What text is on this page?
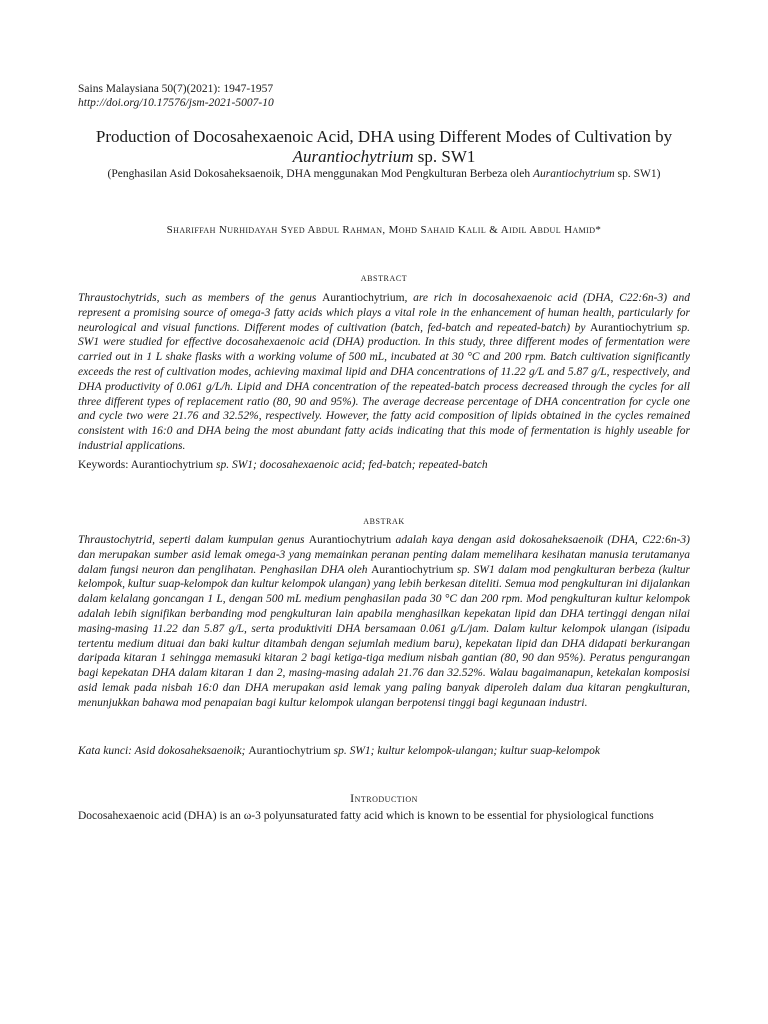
Sains Malaysiana 50(7)(2021): 1947-1957
http://doi.org/10.17576/jsm-2021-5007-10
Production of Docosahexaenoic Acid, DHA using Different Modes of Cultivation by
Aurantiochytrium sp. SW1
(Penghasilan Asid Dokosaheksaenoik, DHA menggunakan Mod Pengkulturan Berbeza oleh Aurantiochytrium sp. SW1)
Shariffah Nurhidayah Syed Abdul Rahman, Mohd Sahaid Kalil & Aidil Abdul Hamid*
abstract
Thraustochytrids, such as members of the genus Aurantiochytrium, are rich in docosahexaenoic acid (DHA, C22:6n-3) and represent a promising source of omega-3 fatty acids which plays a vital role in the enhancement of human health, particularly for neurological and visual functions. Different modes of cultivation (batch, fed-batch and repeated-batch) by Aurantiochytrium sp. SW1 were studied for effective docosahexaenoic acid (DHA) production. In this study, three different modes of fermentation were carried out in 1 L shake flasks with a working volume of 500 mL, incubated at 30 °C and 200 rpm. Batch cultivation significantly exceeds the rest of cultivation modes, achieving maximal lipid and DHA concentrations of 11.22 g/L and 5.87 g/L, respectively, and DHA productivity of 0.061 g/L/h. Lipid and DHA concentration of the repeated-batch process decreased through the cycles for all three different types of replacement ratio (80, 90 and 95%). The average decrease percentage of DHA concentration for cycle one and cycle two were 21.76 and 32.52%, respectively. However, the fatty acid composition of lipids obtained in the cycles remained consistent with 16:0 and DHA being the most abundant fatty acids indicating that this mode of fermentation is highly useable for industrial applications.
Keywords: Aurantiochytrium sp. SW1; docosahexaenoic acid; fed-batch; repeated-batch
abstrak
Thraustochytrid, seperti dalam kumpulan genus Aurantiochytrium adalah kaya dengan asid dokosaheksaenoik (DHA, C22:6n-3) dan merupakan sumber asid lemak omega-3 yang memainkan peranan penting dalam memelihara kesihatan manusia terutamanya dalam fungsi neuron dan penglihatan. Penghasilan DHA oleh Aurantiochytrium sp. SW1 dalam mod pengkulturan berbeza (kultur kelompok, kultur suap-kelompok dan kultur kelompok ulangan) yang lebih berkesan diteliti. Semua mod pengkulturan ini dijalankan dalam kelalang goncangan 1 L, dengan 500 mL medium penghasilan pada 30 °C dan 200 rpm. Mod pengkulturan kultur kelompok adalah lebih signifikan berbanding mod pengkulturan lain apabila menghasilkan kepekatan lipid dan DHA tertinggi dengan nilai masing-masing 11.22 dan 5.87 g/L, serta produktiviti DHA bersamaan 0.061 g/L/jam. Dalam kultur kelompok ulangan (isipadu tertentu medium dituai dan baki kultur ditambah dengan sejumlah medium baru), kepekatan lipid dan DHA didapati berkurangan daripada kitaran 1 sehingga memasuki kitaran 2 bagi ketiga-tiga medium nisbah gantian (80, 90 dan 95%). Peratus pengurangan bagi kepekatan DHA dalam kitaran 1 dan 2, masing-masing adalah 21.76 dan 32.52%. Walau bagaimanapun, ketekalan komposisi asid lemak pada nisbah 16:0 dan DHA merupakan asid lemak yang paling banyak diperoleh dalam dua kitaran pengkulturan, menunjukkan bahawa mod penapaian bagi kultur kelompok ulangan berpotensi tinggi bagi kegunaan industri.
Kata kunci: Asid dokosaheksaenoik; Aurantiochytrium sp. SW1; kultur kelompok-ulangan; kultur suap-kelompok
Introduction
Docosahexaenoic acid (DHA) is an ω-3 polyunsaturated fatty acid which is known to be essential for physiological functions
